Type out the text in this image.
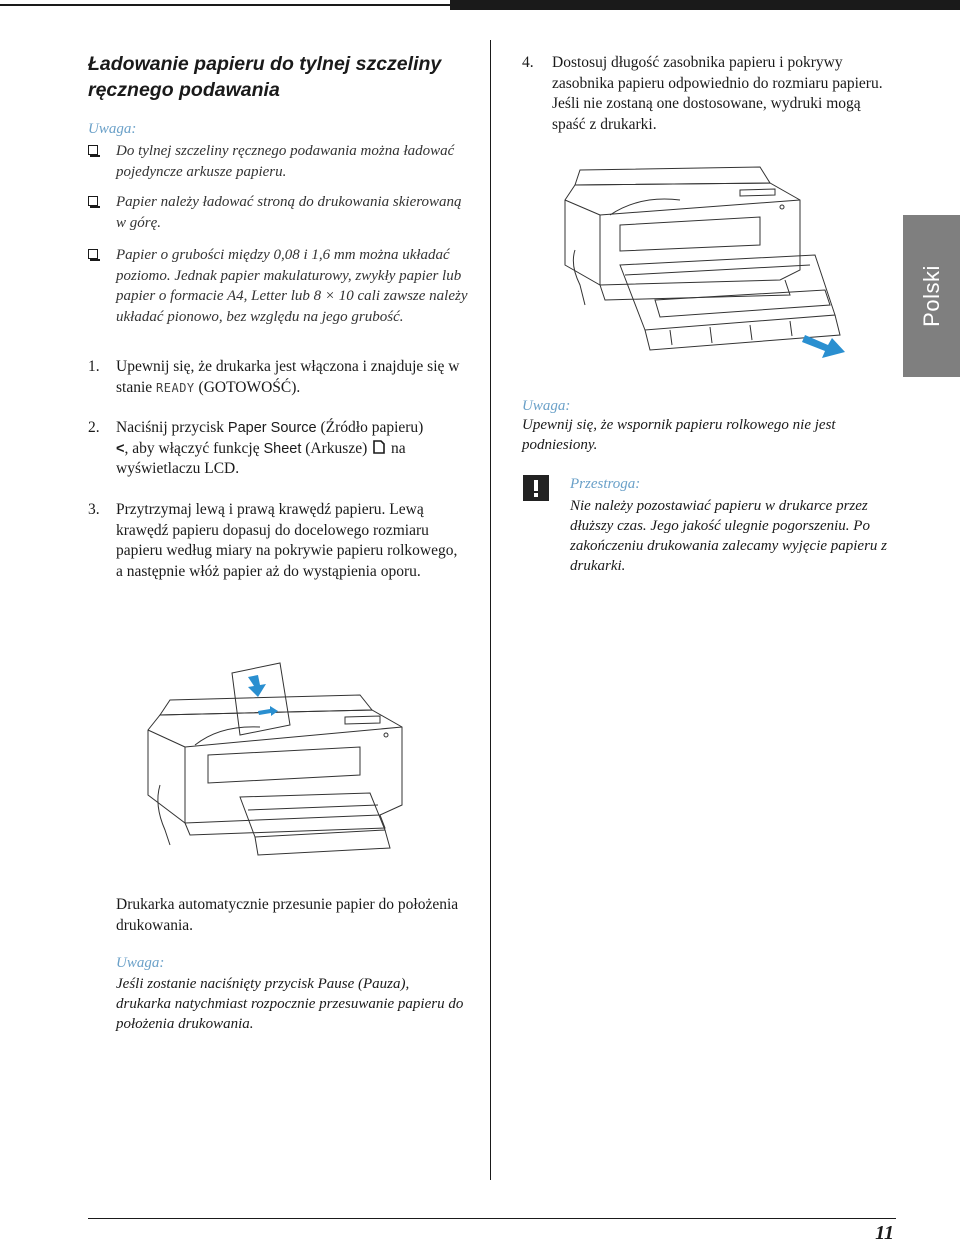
Polski
Ładowanie papieru do tylnej szczeliny ręcznego podawania
Uwaga:
Do tylnej szczeliny ręcznego podawania można ładować pojedyncze arkusze papieru.
Papier należy ładować stroną do drukowania skierowaną w górę.
Papier o grubości między 0,08 i 1,6 mm można układać poziomo. Jednak papier makulaturowy, zwykły papier lub papier o formacie A4, Letter lub 8 × 10 cali zawsze należy układać pionowo, bez względu na jego grubość.
1. Upewnij się, że drukarka jest włączona i znajduje się w stanie READY (GOTOWOŚĆ).
2. Naciśnij przycisk Paper Source (Źródło papieru)
<, aby włączyć funkcję Sheet (Arkusze)  na wyświetlaczu LCD.
3. Przytrzymaj lewą i prawą krawędź papieru. Lewą krawędź papieru dopasuj do docelowego rozmiaru papieru według miary na pokrywie papieru rolkowego, a następnie włóż papier aż do wystąpienia oporu.
4. Dostosuj długość zasobnika papieru i pokrywy zasobnika papieru odpowiednio do rozmiaru papieru. Jeśli nie zostaną one dostosowane, wydruki mogą spaść z drukarki.
Uwaga:
Upewnij się, że wspornik papieru rolkowego nie jest podniesiony.
Przestroga:
Nie należy pozostawiać papieru w drukarce przez dłuższy czas. Jego jakość ulegnie pogorszeniu. Po zakończeniu drukowania zalecamy wyjęcie papieru z drukarki.
Drukarka automatycznie przesunie papier do położenia drukowania.
Uwaga:
Jeśli zostanie naciśnięty przycisk Pause (Pauza), drukarka natychmiast rozpocznie przesuwanie papieru do położenia drukowania.
11
